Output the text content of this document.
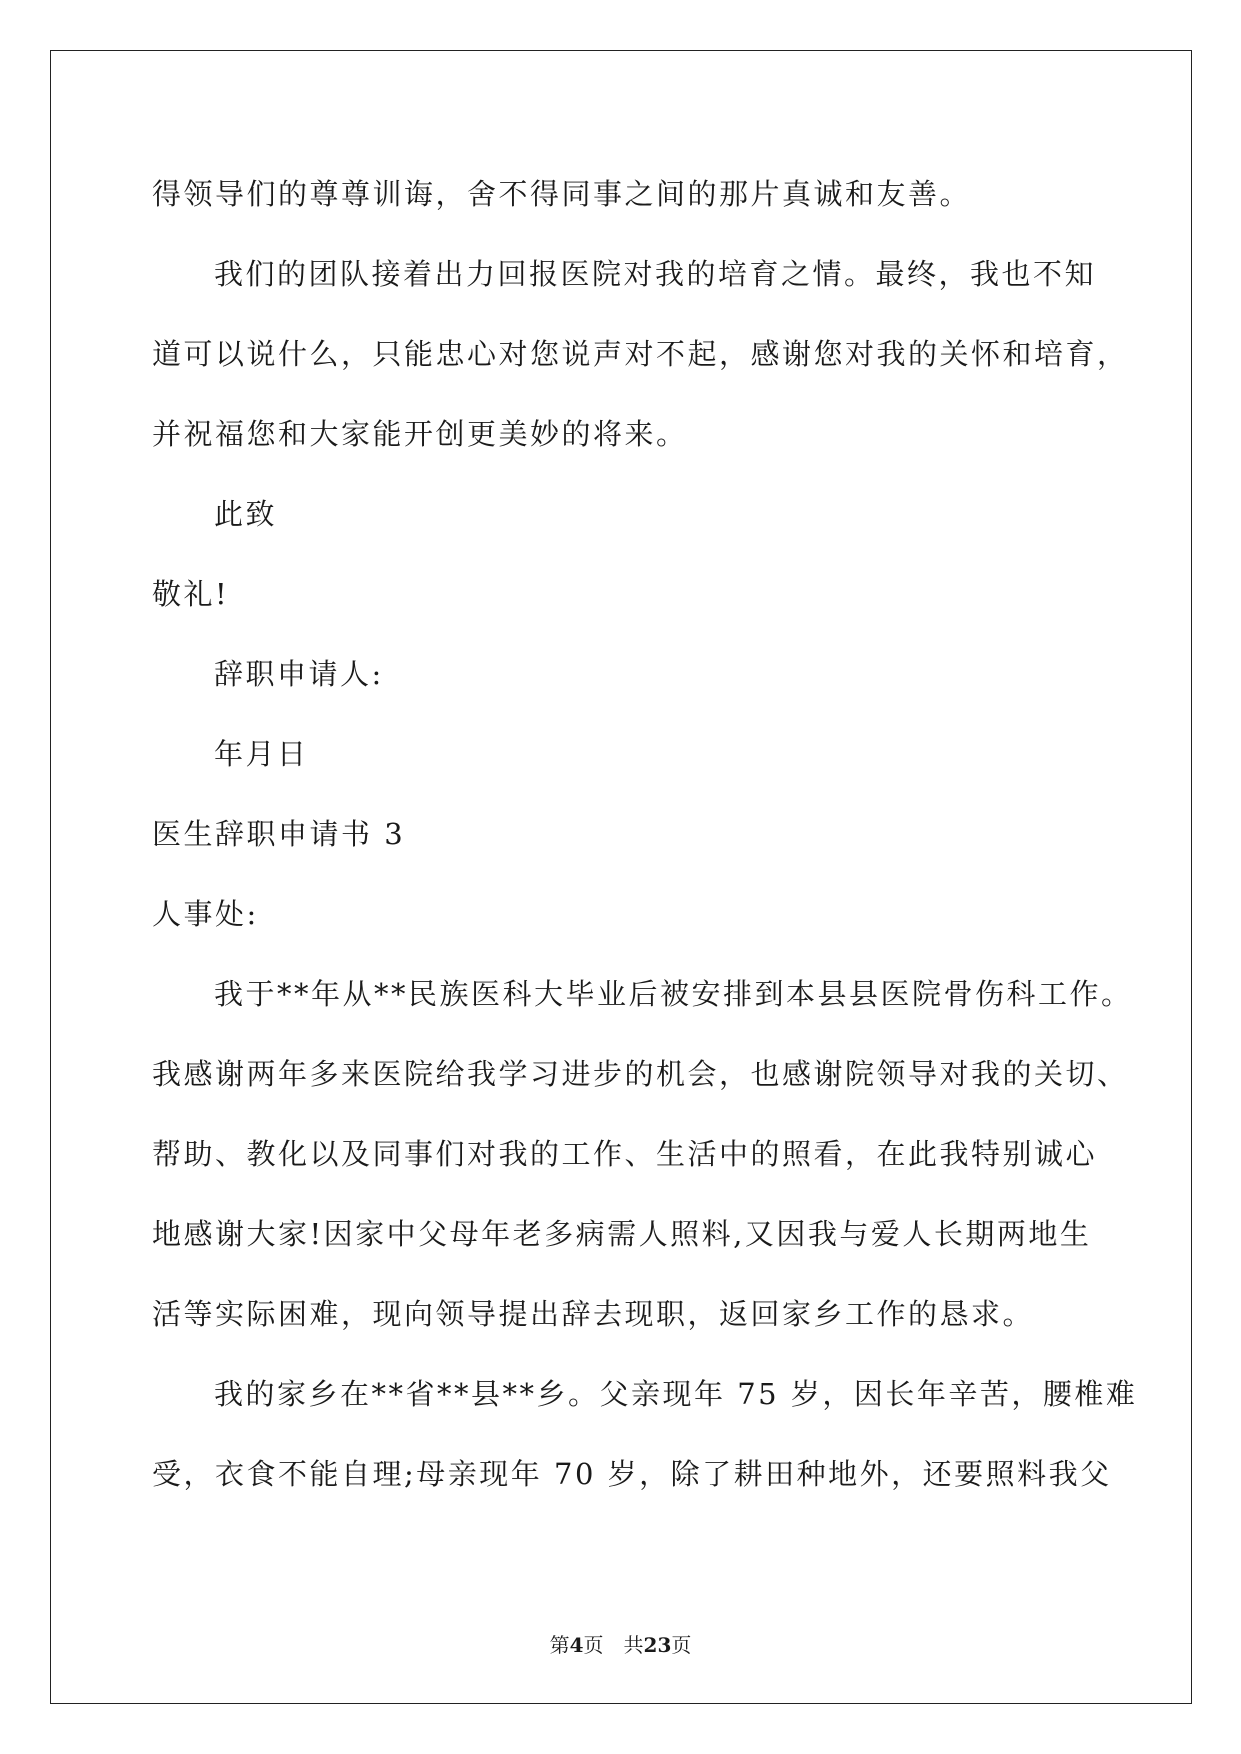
得领导们的尊尊训诲，舍不得同事之间的那片真诚和友善。
我们的团队接着出力回报医院对我的培育之情。最终，我也不知
道可以说什么，只能忠心对您说声对不起，感谢您对我的关怀和培育，
并祝福您和大家能开创更美妙的将来。
此致
敬礼!
辞职申请人:
年月日
医生辞职申请书 3
人事处:
我于**年从**民族医科大毕业后被安排到本县县医院骨伤科工作。
我感谢两年多来医院给我学习进步的机会，也感谢院领导对我的关切、
帮助、教化以及同事们对我的工作、生活中的照看，在此我特别诚心
地感谢大家!因家中父母年老多病需人照料,又因我与爱人长期两地生
活等实际困难，现向领导提出辞去现职，返回家乡工作的恳求。
我的家乡在**省**县**乡。父亲现年 75 岁，因长年辛苦，腰椎难
受，衣食不能自理;母亲现年 70 岁，除了耕田种地外，还要照料我父
第4页 共23页
